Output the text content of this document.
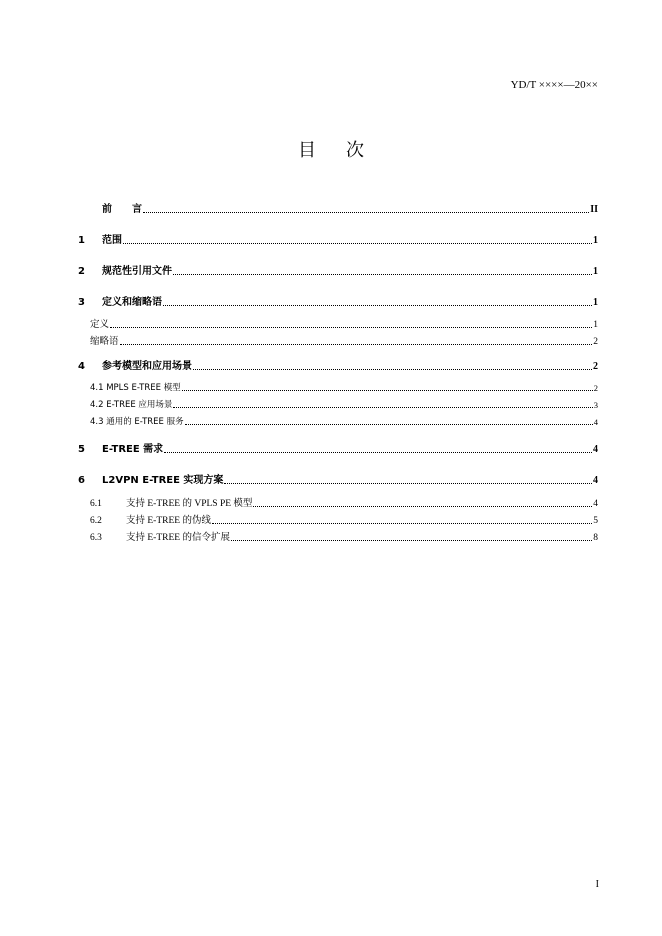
YD/T ××××—20××
目 次
前　　言	II
1	范围	1
2	规范性引用文件	1
3	定义和缩略语	1
定义	1
缩略语	2
4	参考模型和应用场景	2
4.1 MPLS E-TREE 模型	2
4.2 E-TREE 应用场景	3
4.3 通用的 E-TREE 服务	4
5	E-TREE 需求	4
6	L2VPN E-TREE 实现方案	4
6.1	支持 E-TREE 的 VPLS PE 模型	4
6.2	支持 E-TREE 的伪线	5
6.3	支持 E-TREE 的信令扩展	8
I
